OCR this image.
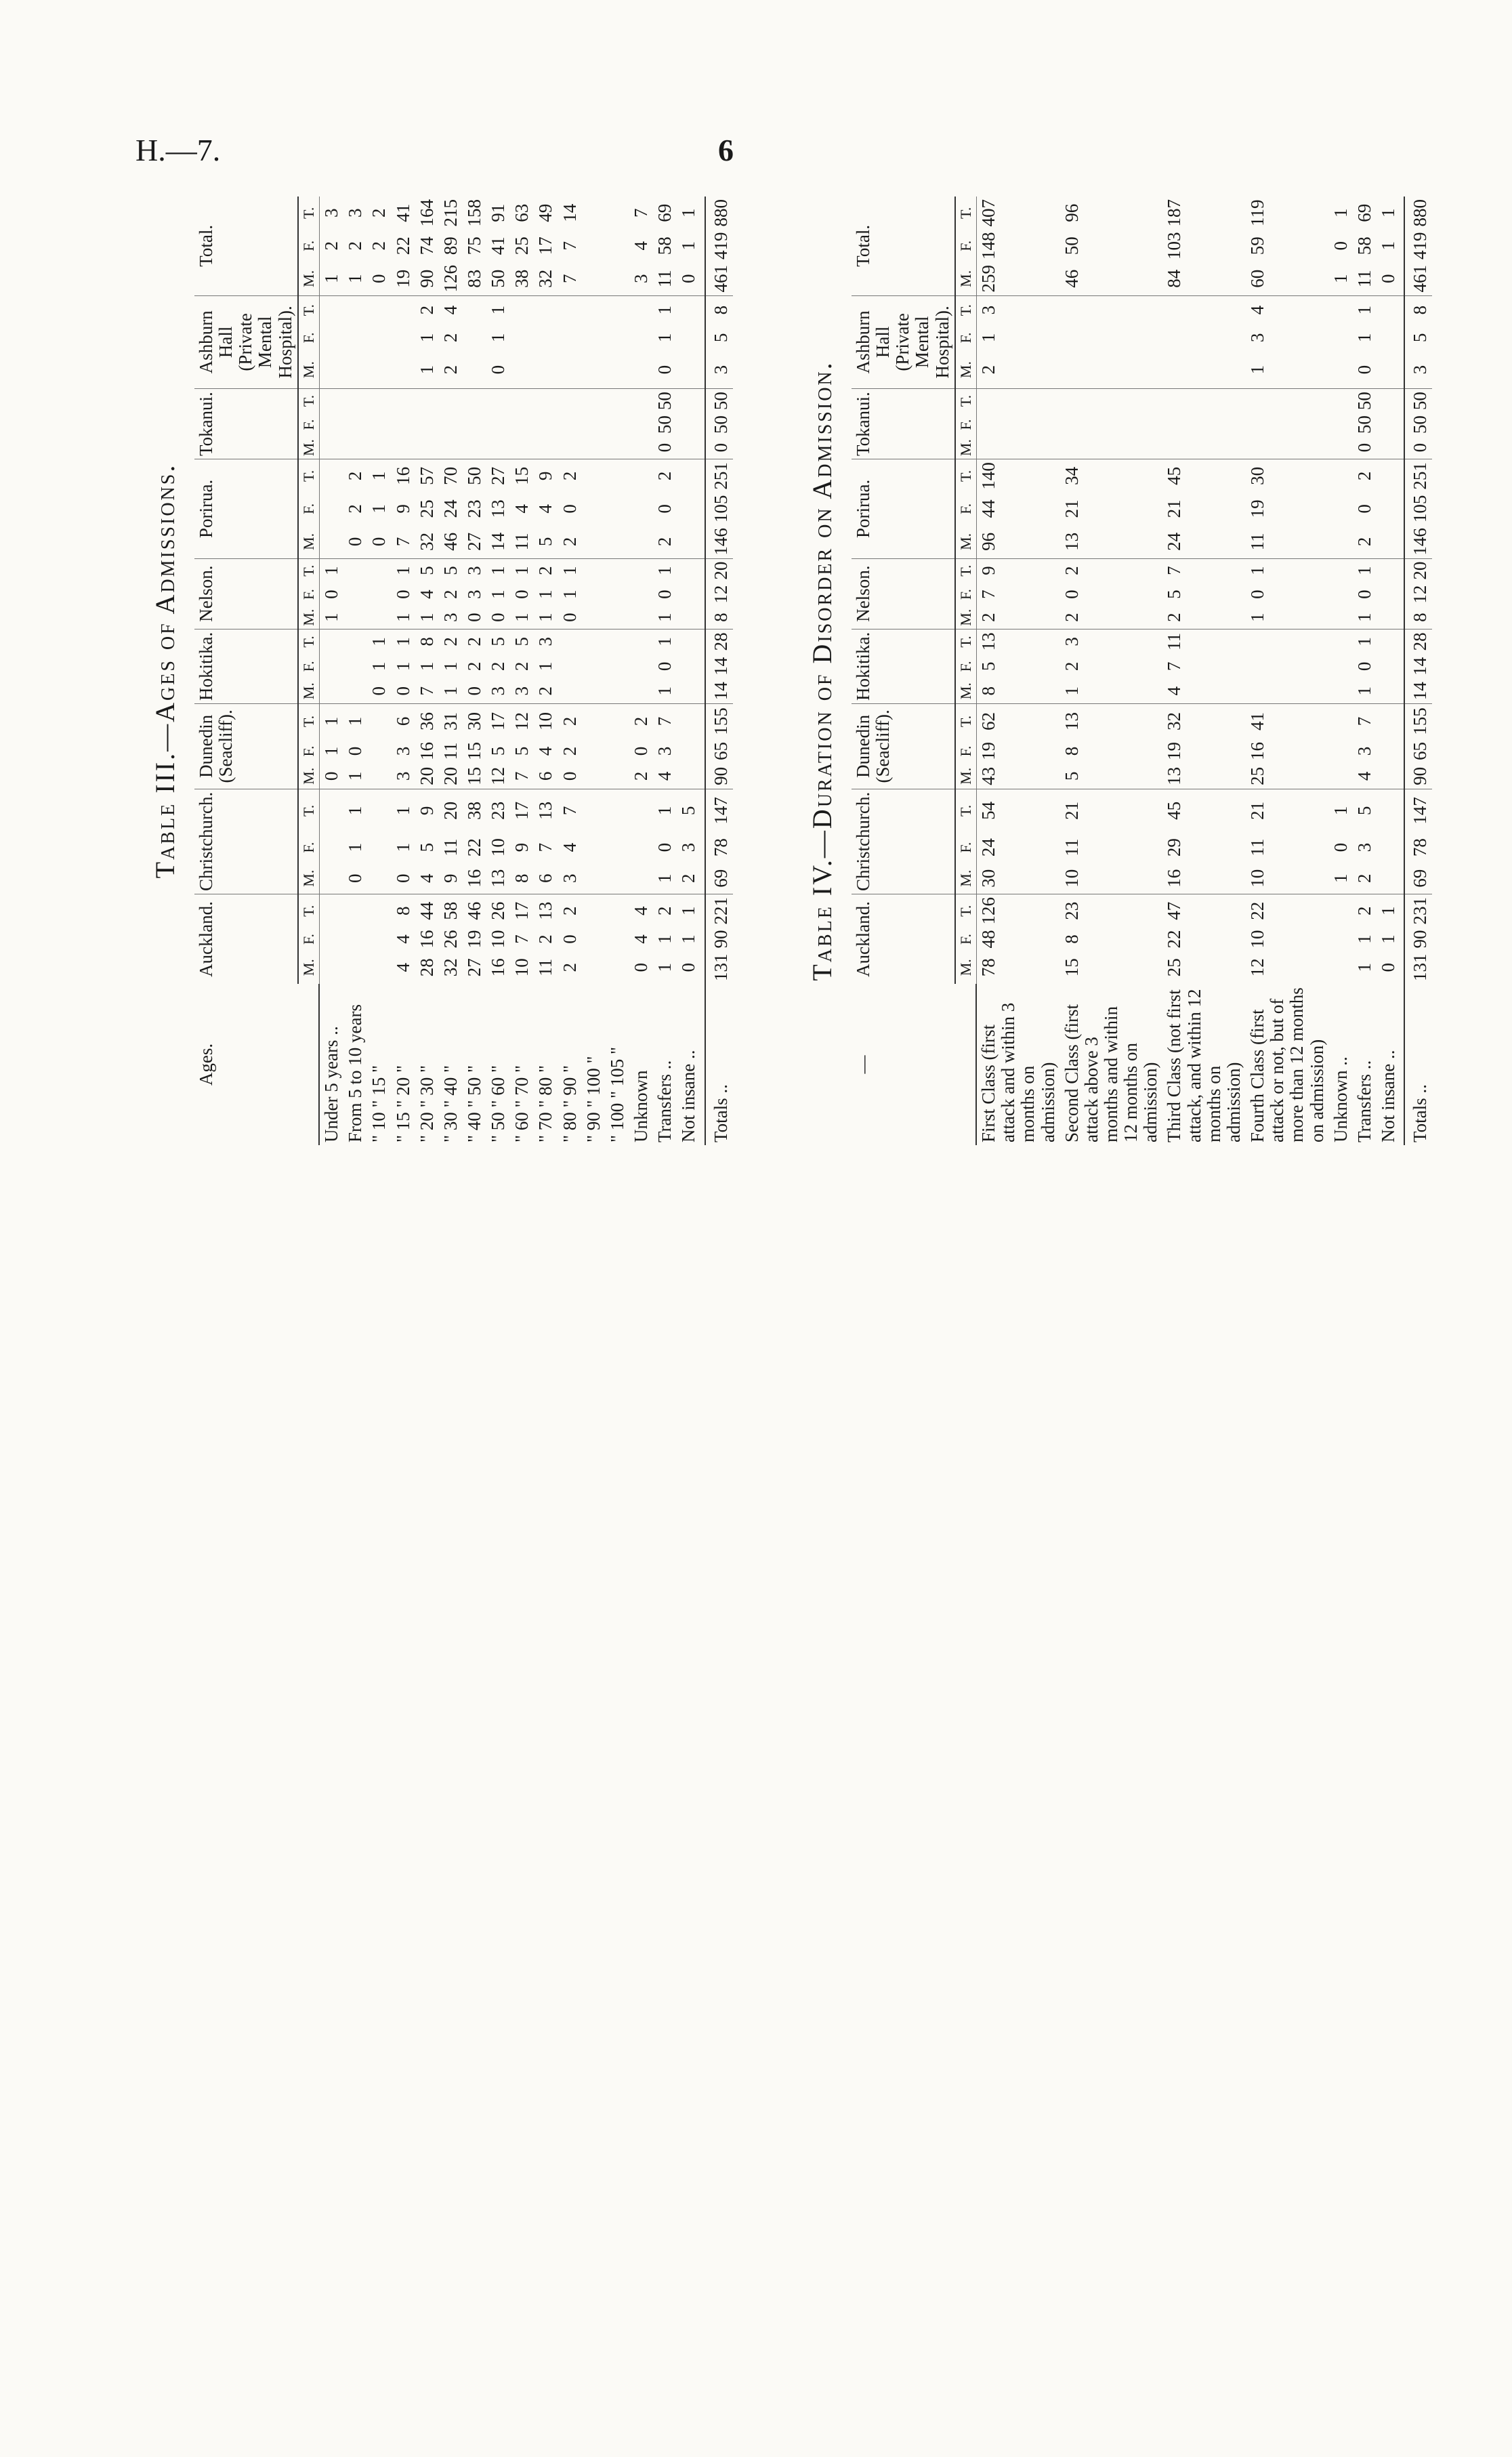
H.—7.	6
Table III.—Ages of Admissions.
Ages.	Auckland.			Christchurch.			Dunedin (Seacliff).			Hokitika.			Nelson.			Porirua.			Tokanui.			Ashburn Hall (Private Mental Hospital).			Total.		
	M.	F.	T.	M.	F.	T.	M.	F.	T.	M.	F.	T.	M.	F.	T.	M.	F.	T.	M.	F.	T.	M.	F.	T.	M.	F.	T.
Under 5 years ..							0	1	1				1	0	1										1	2	3
From 5 to 10 years				0	1	1	1	0	1							0	2	2							1	2	3
" 10 " 15 "										0	1	1				0	1	1							0	2	2
" 15 " 20 "	4	4	8	0	1	1	3	3	6	0	1	1	1	0	1	7	9	16							19	22	41
" 20 " 30 "	28	16	44	4	5	9	20	16	36	7	1	8	1	4	5	32	25	57				1	1	2	90	74	164
" 30 " 40 "	32	26	58	9	11	20	20	11	31	1	1	2	3	2	5	46	24	70				2	2	4	126	89	215
" 40 " 50 "	27	19	46	16	22	38	15	15	30	0	2	2	0	3	3	27	23	50							83	75	158
" 50 " 60 "	16	10	26	13	10	23	12	5	17	3	2	5	0	1	1	14	13	27				0	1	1	50	41	91
" 60 " 70 "	10	7	17	8	9	17	7	5	12	3	2	5	1	0	1	11	4	15							38	25	63
" 70 " 80 "	11	2	13	6	7	13	6	4	10	2	1	3	1	1	2	5	4	9							32	17	49
" 80 " 90 "	2	0	2	3	4	7	0	2	2				0	1	1	2	0	2							7	7	14
" 90 " 100 "																											
" 100 " 105 "																											
Unknown	0	4	4				2	0	2																3	4	7
Transfers ..	1	1	2	1	0	1	4	3	7	1	0	1	1	0	1	2	0	2	0	50	50	0	1	1	11	58	69
Not insane ..	0	1	1	2	3	5																			0	1	1
Totals ..	131	90	221	69	78	147	90	65	155	14	14	28	8	12	20	146	105	251	0	50	50	3	5	8	461	419	880
Table IV.—Duration of Disorder on Admission.
—	Auckland.			Christchurch.			Dunedin (Seacliff).			Hokitika.			Nelson.			Porirua.			Tokanui.			Ashburn Hall (Private Mental Hospital).			Total.		
	M.	F.	T.	M.	F.	T.	M.	F.	T.	M.	F.	T.	M.	F.	T.	M.	F.	T.	M.	F.	T.	M.	F.	T.	M.	F.	T.
First Class (first attack and within 3 months on admission)	78	48	126	30	24	54	43	19	62	8	5	13	2	7	9	96	44	140				2	1	3	259	148	407
Second Class (first attack above 3 months and within 12 months on admission)	15	8	23	10	11	21	5	8	13	1	2	3	2	0	2	13	21	34							46	50	96
Third Class (not first attack, and within 12 months on admission)	25	22	47	16	29	45	13	19	32	4	7	11	2	5	7	24	21	45							84	103	187
Fourth Class (first attack or not, but of more than 12 months on admission)	12	10	22	10	11	21	25	16	41				1	0	1	11	19	30				1	3	4	60	59	119
Unknown ..				1	0	1																			1	0	1
Transfers ..	1	1	2	2	3	5	4	3	7	1	0	1	1	0	1	2	0	2	0	50	50	0	1	1	11	58	69
Not insane ..	0	1	1																						0	1	1
Totals ..	131	90	231	69	78	147	90	65	155	14	14	28	8	12	20	146	105	251	0	50	50	3	5	8	461	419	880
